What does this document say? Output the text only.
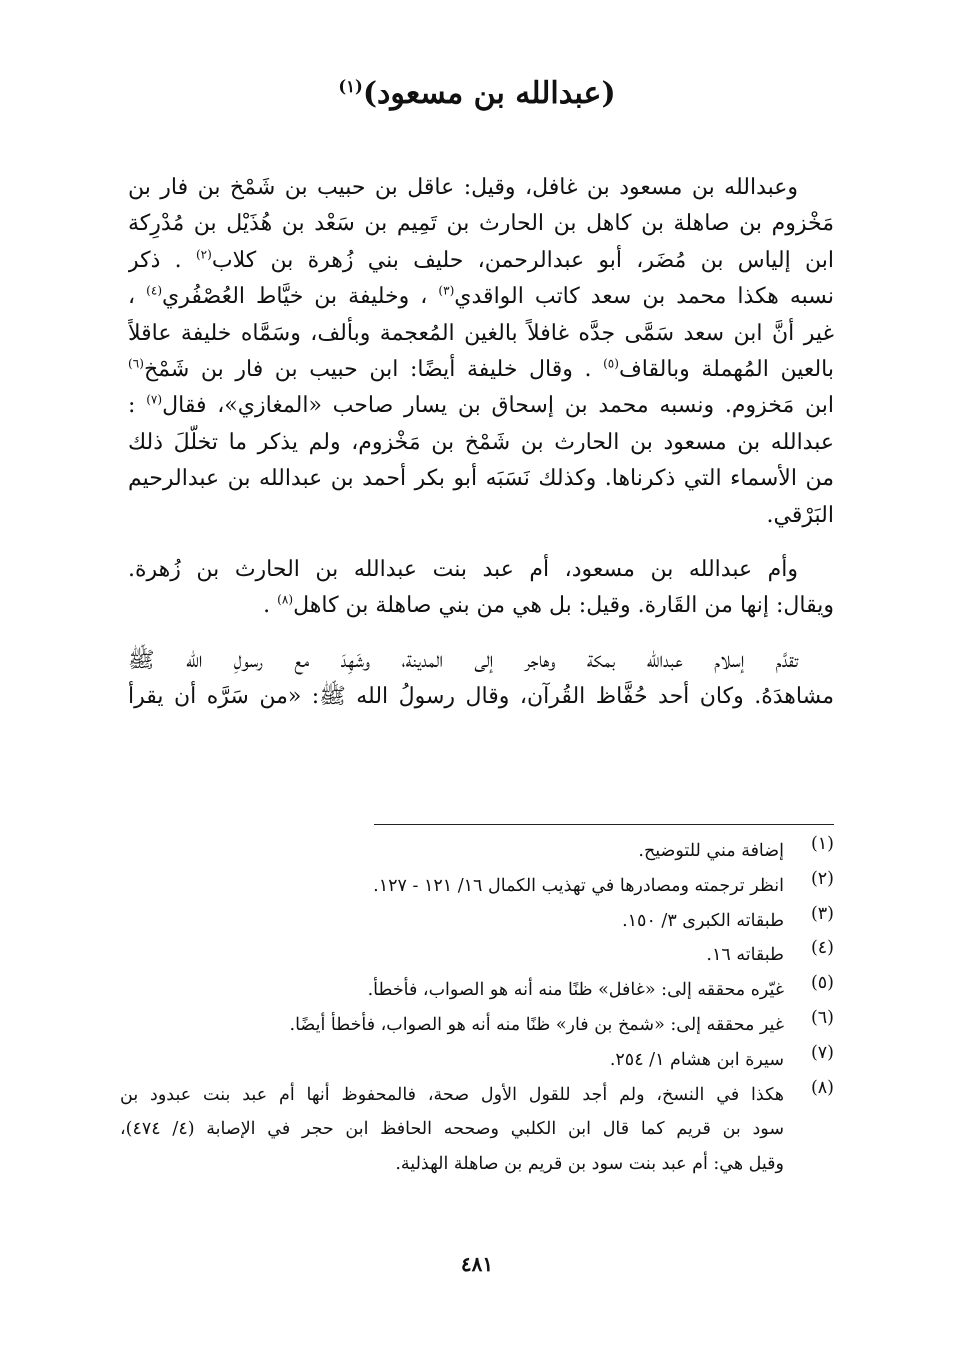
(عبدالله بن مسعود)$^{(١)}$
وعبدالله بن مسعود بن غافل، وقيل: عاقل بن حبيب بن شَمْخ بن فار بن
مَخْزوم بن صاهلة بن كاهل بن الحارث بن تَمِيم بن سَعْد بن هُذَيْل بن مُدْرِكة
ابن إلياس بن مُضَر، أبو عبدالرحمن، حليف بني زُهرة بن كلاب$^{(٢)}$ . ذكر
نسبه هكذا محمد بن سعد كاتب الواقدي$^{(٣)}$ ، وخليفة بن خيَّاط العُصْفُري$^{(٤)}$ ،
غير أنَّ ابن سعد سَمَّى جدَّه غافلاً بالغين المُعجمة وبألف، وسَمَّاه خليفة عاقلاً
بالعين المُهملة وبالقاف$^{(٥)}$ . وقال خليفة أيضًا: ابن حبيب بن فار بن شَمْخ$^{(٦)}$
ابن مَخزوم. ونسبه محمد بن إسحاق بن يسار صاحب «المغازي»، فقال$^{(٧)}$ :
عبدالله بن مسعود بن الحارث بن شَمْخ بن مَخْزوم، ولم يذكر ما تخلَّلَ ذلك
من الأسماء التي ذكرناها. وكذلك نَسَبَه أبو بكر أحمد بن عبدالله بن عبدالرحيم
البَرْقي.
وأم عبدالله بن مسعود، أم عبد بنت عبدالله بن الحارث بن زُهرة.
ويقال: إنها من القَارة. وقيل: بل هي من بني صاهلة بن كاهل$^{(٨)}$ .
تقدَّم إسلام عبدالله بمكة وهاجر إلى المدينة، وشَهِدَ مع رسولِ الله ﷺ
مشاهدَهُ. وكان أحد حُفَّاظ القُرآن، وقال رسولُ الله ﷺ: «من سَرَّه أن يقرأ
(١)
إضافة مني للتوضيح.
(٢)
انظر ترجمته ومصادرها في تهذيب الكمال ١٦/ ١٢١ - ١٢٧.
(٣)
طبقاته الكبرى ٣/ ١٥٠.
(٤)
طبقاته ١٦.
(٥)
غيّره محققه إلى: «غافل» ظنًا منه أنه هو الصواب، فأخطأ.
(٦)
غير محققه إلى: «شمخ بن فار» ظنًا منه أنه هو الصواب، فأخطأ أيضًا.
(٧)
سيرة ابن هشام ١/ ٢٥٤.
(٨)
هكذا في النسخ، ولم أجد للقول الأول صحة، فالمحفوظ أنها أم عبد بنت عبدود بن
سود بن قريم كما قال ابن الكلبي وصححه الحافظ ابن حجر في الإصابة (٤/ ٤٧٤)،
وقيل هي: أم عبد بنت سود بن قريم بن صاهلة الهذلية.
٤٨١
